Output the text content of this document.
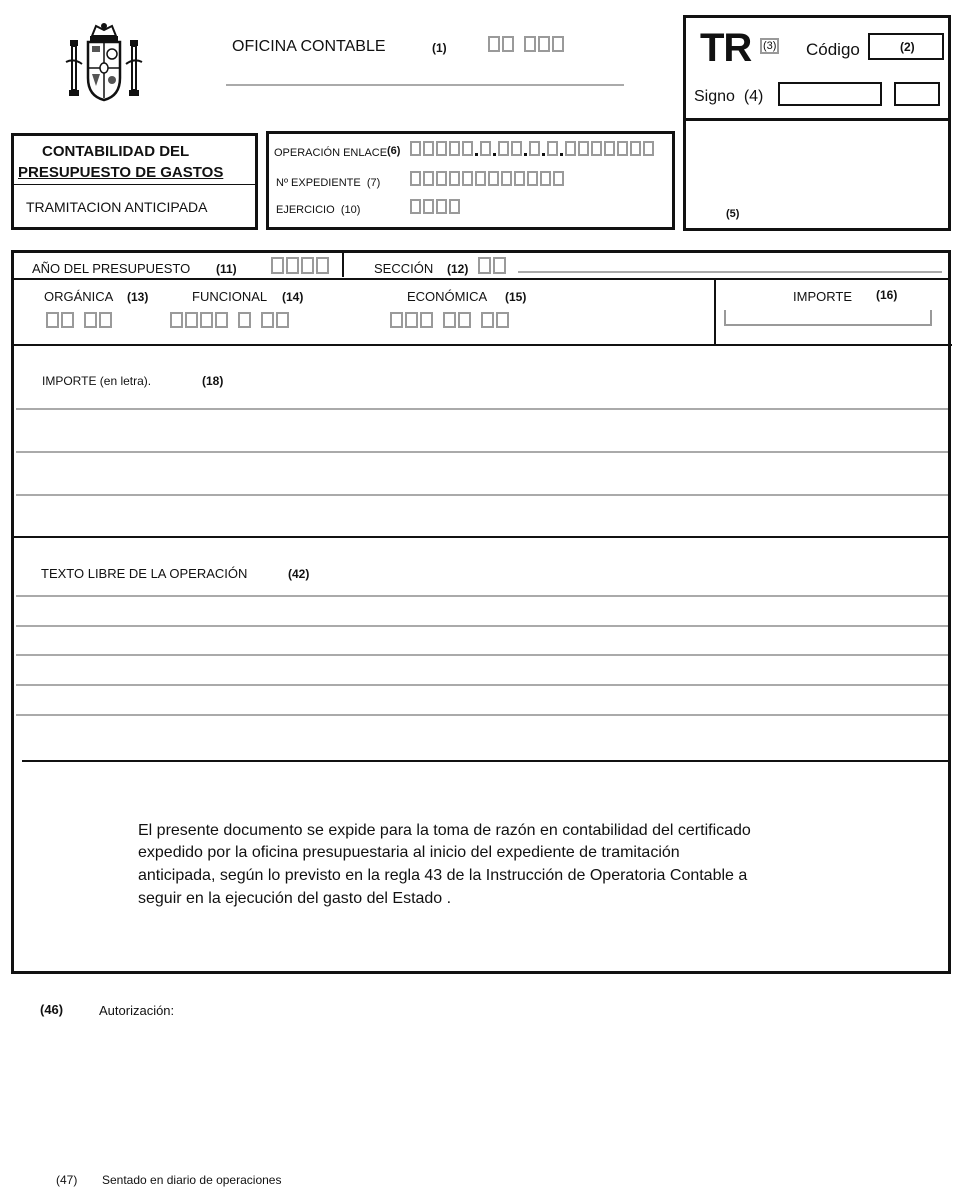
OFICINA CONTABLE	(1)	TR (3) Código	(2)
Signo (4)
(5)
CONTABILIDAD DEL
PRESUPUESTO DE GASTOS
TRAMITACION ANTICIPADA
OPERACIÓN ENLACE (6)
Nº EXPEDIENTE (7)
EJERCICIO (10)
AÑO DEL PRESUPUESTO (11)	SECCIÓN (12)
ORGÁNICA (13)	FUNCIONAL (14)	ECONÓMICA (15)	IMPORTE (16)
IMPORTE (en letra).	(18)
TEXTO LIBRE DE LA OPERACIÓN	(42)
El presente documento se expide para la toma de razón en contabilidad del certificado
expedido por la oficina presupuestaria al inicio del expediente de tramitación
anticipada, según lo previsto en la regla 43 de la Instrucción de Operatoria Contable a
seguir en la ejecución del gasto del Estado .
(46)	Autorización:
(47) Sentado en diario de operaciones
